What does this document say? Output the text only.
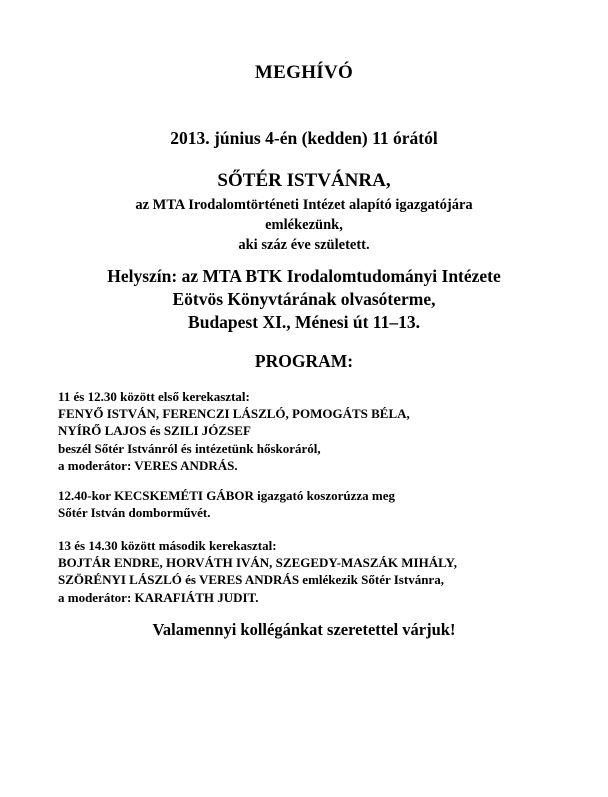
MEGHÍVÓ
2013. június 4-én (kedden) 11 órától
SŐTÉR ISTVÁNRA,
az MTA Irodalomtörténeti Intézet alapító igazgatójára
emlékezünk,
aki száz éve született.
Helyszín: az MTA BTK Irodalomtudományi Intézete
Eötvös Könyvtárának olvasóterme,
Budapest XI., Ménesi út 11–13.
PROGRAM:
11 és 12.30 között első kerekasztal:
FENYŐ ISTVÁN, FERENCZI LÁSZLÓ, POMOGÁTS BÉLA,
NYÍRŐ LAJOS és SZILI JÓZSEF
beszél Sőtér Istvánról és intézetünk hőskoráról,
a moderátor: VERES ANDRÁS.
12.40-kor KECSKEMÉTI GÁBOR igazgató koszorúzza meg
Sőtér István domborművét.
13 és 14.30 között második kerekasztal:
BOJTÁR ENDRE, HORVÁTH IVÁN, SZEGEDY-MASZÁK MIHÁLY,
SZÖRÉNYI LÁSZLÓ és VERES ANDRÁS emlékezik Sőtér Istvánra,
a moderátor: KARAFIÁTH JUDIT.
Valamennyi kollégánkat szeretettel várjuk!
